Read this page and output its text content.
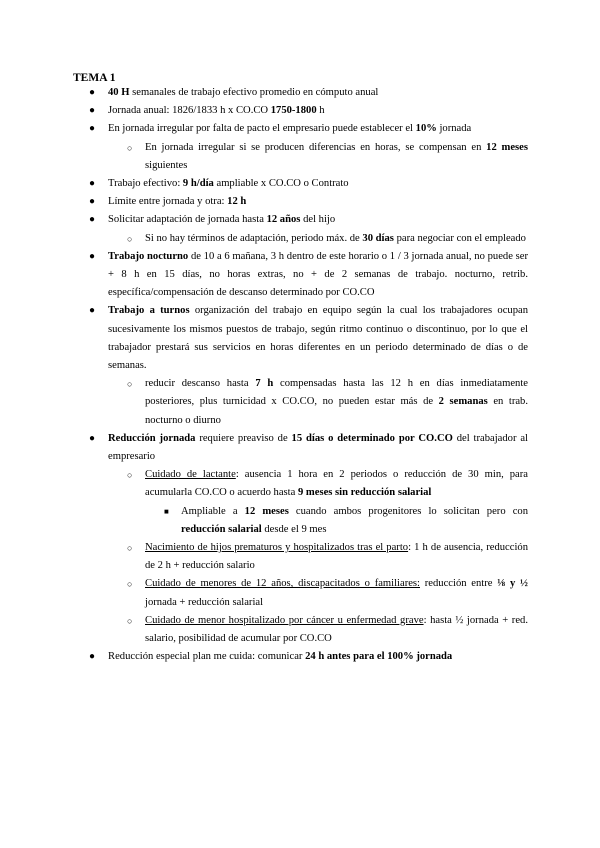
TEMA 1
● 40 H semanales de trabajo efectivo promedio en cómputo anual
● Jornada anual: 1826/1833 h x CO.CO 1750-1800 h
● En jornada irregular por falta de pacto el empresario puede establecer el 10% jornada
○ En jornada irregular si se producen diferencias en horas, se compensan en 12 meses siguientes
● Trabajo efectivo: 9 h/día ampliable x CO.CO o Contrato
● Límite entre jornada y otra: 12 h
● Solicitar adaptación de jornada hasta 12 años del hijo
○ Si no hay términos de adaptación, periodo máx. de 30 días para negociar con el empleado
● Trabajo nocturno de 10 a 6 mañana, 3 h dentro de este horario o 1 / 3 jornada anual, no puede ser + 8 h en 15 días, no horas extras, no + de 2 semanas de trabajo. nocturno, retrib. específica/compensación de descanso determinado por CO.CO
● Trabajo a turnos organización del trabajo en equipo según la cual los trabajadores ocupan sucesivamente los mismos puestos de trabajo, según ritmo continuo o discontinuo, por lo que el trabajador prestará sus servicios en horas diferentes en un periodo determinado de días o de semanas.
○ reducir descanso hasta 7 h compensadas hasta las 12 h en días inmediatamente posteriores, plus turnicidad x CO.CO, no pueden estar más de 2 semanas en trab. nocturno o diurno
● Reducción jornada requiere preaviso de 15 días o determinado por CO.CO del trabajador al empresario
○ Cuidado de lactante: ausencia 1 hora en 2 periodos o reducción de 30 min, para acumularla CO.CO o acuerdo hasta 9 meses sin reducción salarial
■ Ampliable a 12 meses cuando ambos progenitores lo solicitan pero con reducción salarial desde el 9 mes
○ Nacimiento de hijos prematuros y hospitalizados tras el parto: 1 h de ausencia, reducción de 2 h + reducción salario
○ Cuidado de menores de 12 años, discapacitados o familiares: reducción entre ⅛ y ½ jornada + reducción salarial
○ Cuidado de menor hospitalizado por cáncer u enfermedad grave: hasta ½ jornada + red. salario, posibilidad de acumular por CO.CO
● Reducción especial plan me cuida: comunicar 24 h antes para el 100% jornada
